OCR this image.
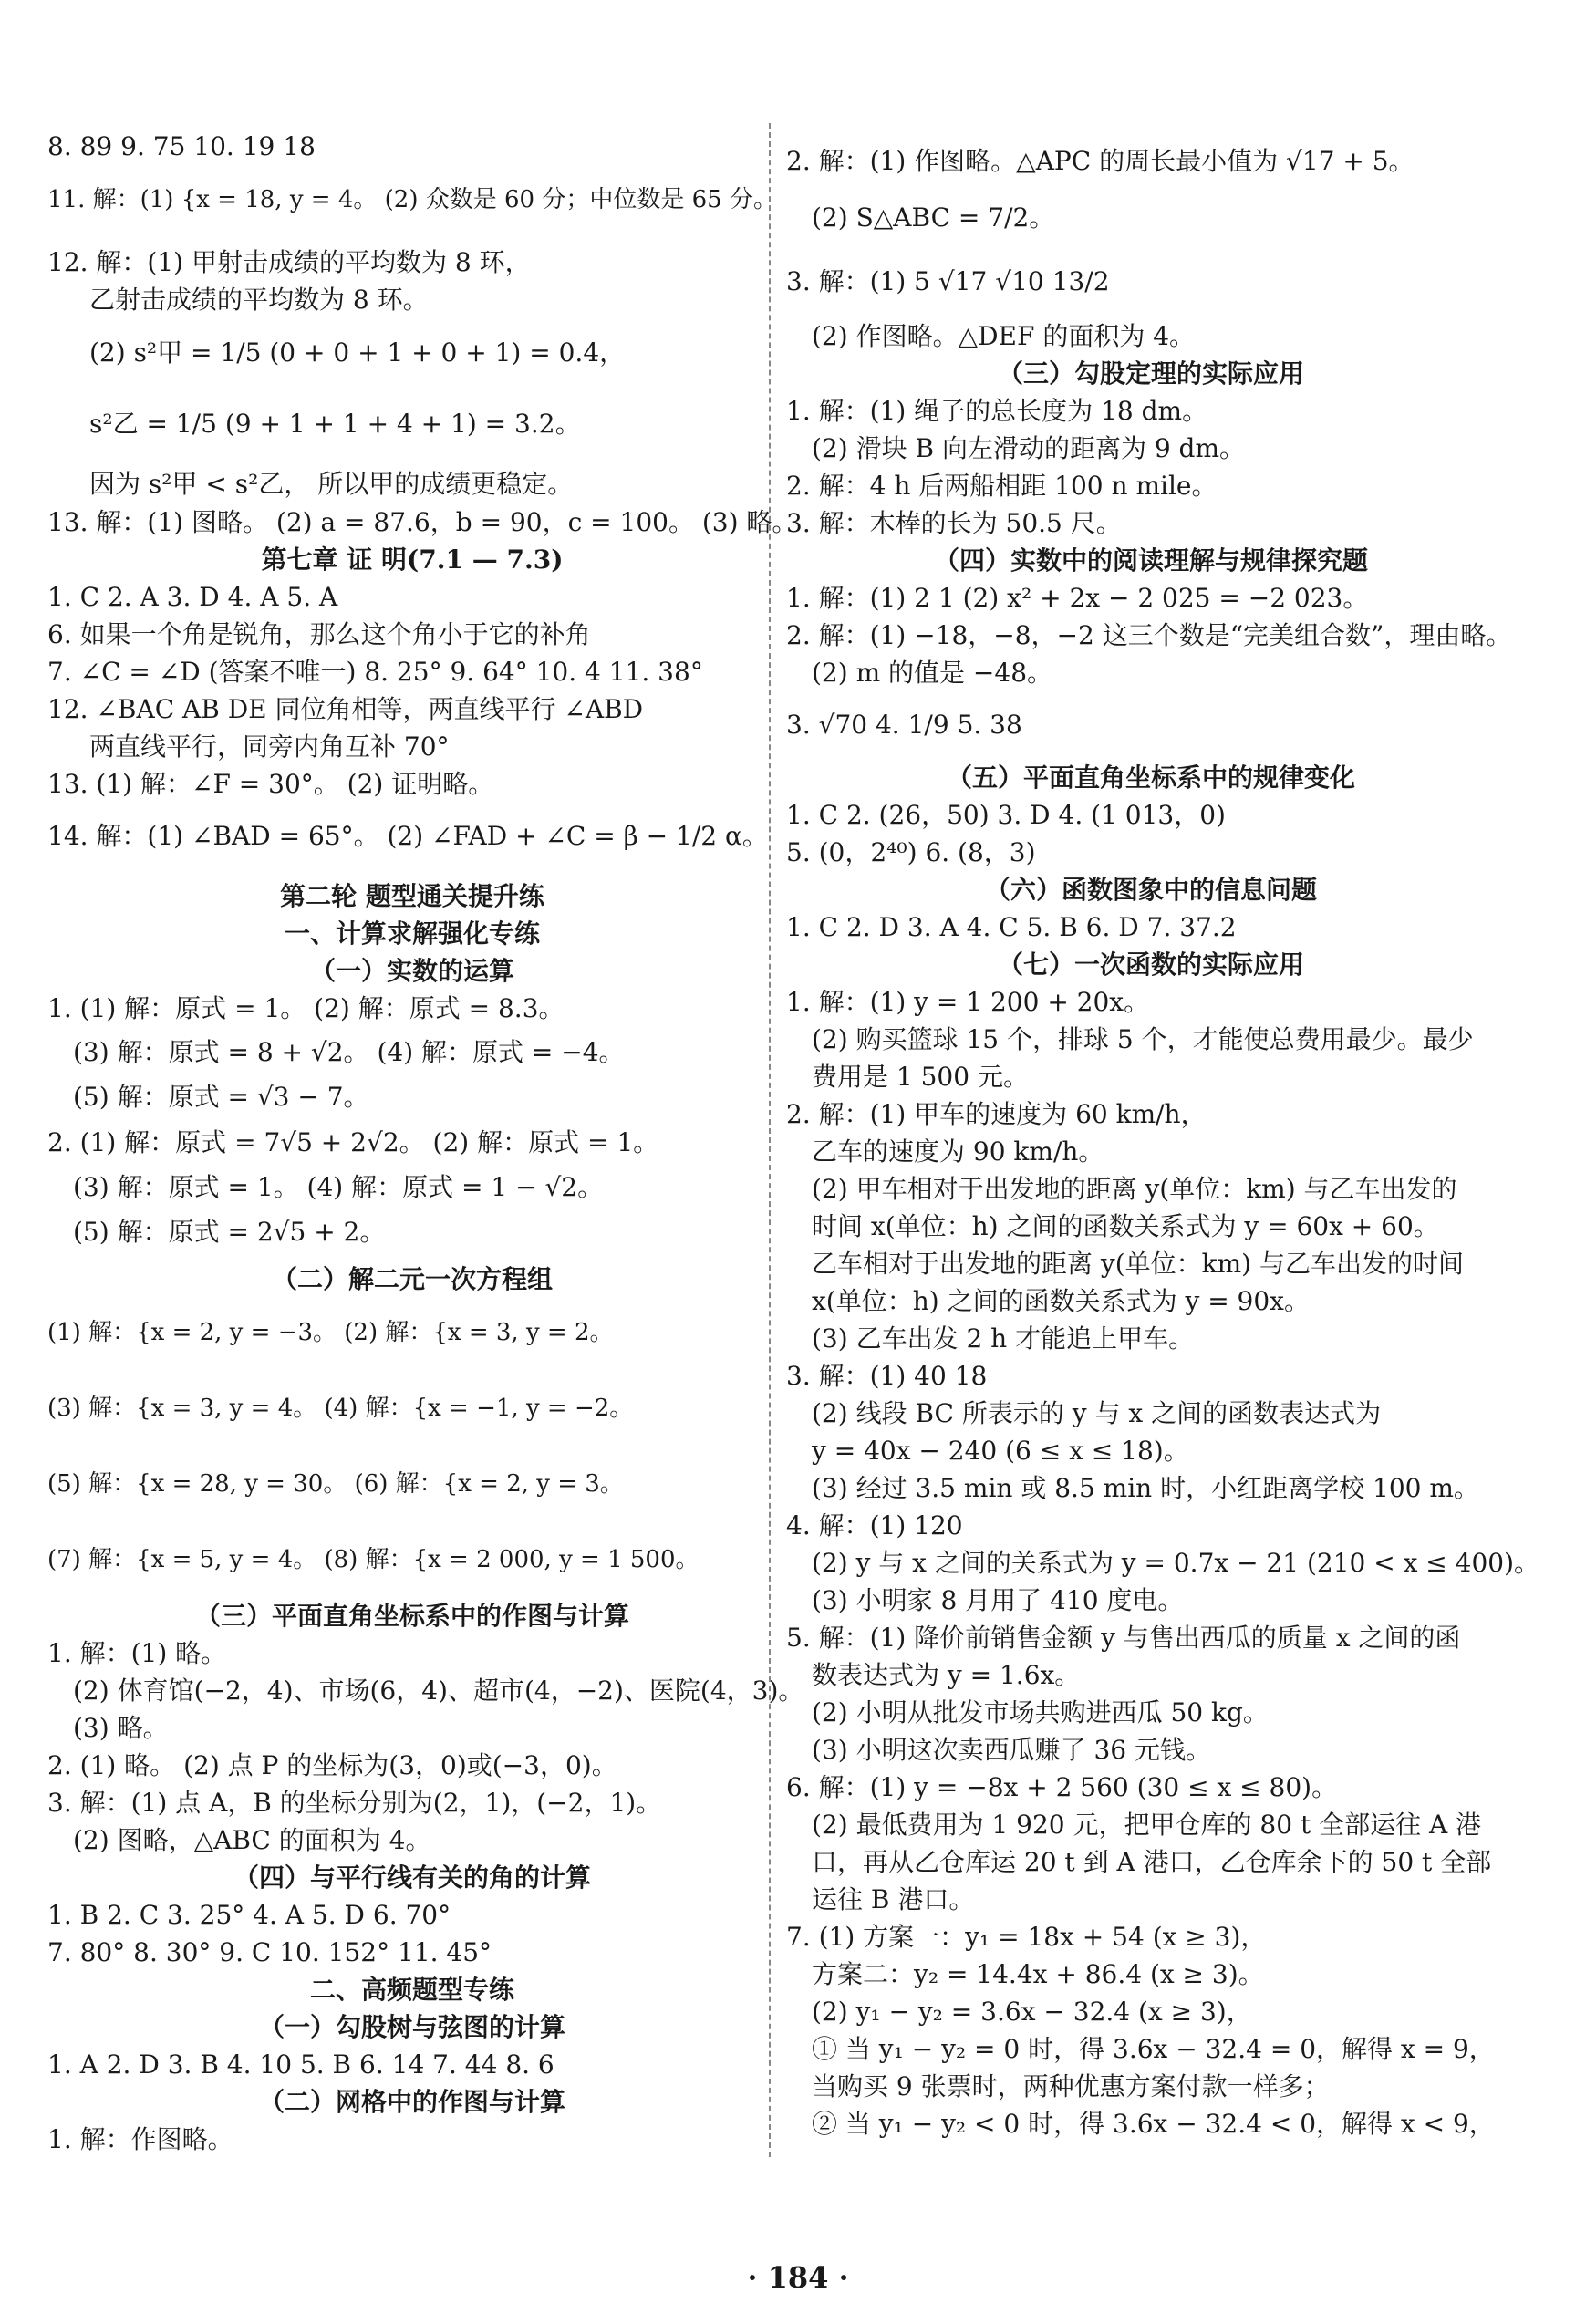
8. 89 9. 75 10. 19 18
11. 解：(1) {x = 18, y = 4。 (2) 众数是 60 分；中位数是 65 分。
12. 解：(1) 甲射击成绩的平均数为 8 环，
乙射击成绩的平均数为 8 环。
(2) s²甲 = 1/5 (0 + 0 + 1 + 0 + 1) = 0.4，
s²乙 = 1/5 (9 + 1 + 1 + 4 + 1) = 3.2。
因为 s²甲 < s²乙， 所以甲的成绩更稳定。
13. 解：(1) 图略。 (2) a = 87.6，b = 90，c = 100。 (3) 略。
第七章 证 明(7.1 — 7.3)
1. C 2. A 3. D 4. A 5. A
6. 如果一个角是锐角，那么这个角小于它的补角
7. ∠C = ∠D (答案不唯一) 8. 25° 9. 64° 10. 4 11. 38°
12. ∠BAC AB DE 同位角相等，两直线平行 ∠ABD
两直线平行，同旁内角互补 70°
13. (1) 解：∠F = 30°。 (2) 证明略。
14. 解：(1) ∠BAD = 65°。 (2) ∠FAD + ∠C = β − 1/2 α。
第二轮 题型通关提升练
一、计算求解强化专练
（一）实数的运算
1. (1) 解：原式 = 1。 (2) 解：原式 = 8.3。
(3) 解：原式 = 8 + √2。 (4) 解：原式 = −4。
(5) 解：原式 = √3 − 7。
2. (1) 解：原式 = 7√5 + 2√2。 (2) 解：原式 = 1。
(3) 解：原式 = 1。 (4) 解：原式 = 1 − √2。
(5) 解：原式 = 2√5 + 2。
（二）解二元一次方程组
(1) 解：{x = 2, y = −3。 (2) 解：{x = 3, y = 2。
(3) 解：{x = 3, y = 4。 (4) 解：{x = −1, y = −2。
(5) 解：{x = 28, y = 30。 (6) 解：{x = 2, y = 3。
(7) 解：{x = 5, y = 4。 (8) 解：{x = 2 000, y = 1 500。
（三）平面直角坐标系中的作图与计算
1. 解：(1) 略。
(2) 体育馆(−2，4)、市场(6，4)、超市(4，−2)、医院(4，3)。
(3) 略。
2. (1) 略。 (2) 点 P 的坐标为(3，0)或(−3，0)。
3. 解：(1) 点 A，B 的坐标分别为(2，1)，(−2，1)。
(2) 图略，△ABC 的面积为 4。
（四）与平行线有关的角的计算
1. B 2. C 3. 25° 4. A 5. D 6. 70°
7. 80° 8. 30° 9. C 10. 152° 11. 45°
二、高频题型专练
（一）勾股树与弦图的计算
1. A 2. D 3. B 4. 10 5. B 6. 14 7. 44 8. 6
（二）网格中的作图与计算
1. 解：作图略。
2. 解：(1) 作图略。△APC 的周长最小值为 √17 + 5。
(2) S△ABC = 7/2。
3. 解：(1) 5 √17 √10 13/2
(2) 作图略。△DEF 的面积为 4。
（三）勾股定理的实际应用
1. 解：(1) 绳子的总长度为 18 dm。
(2) 滑块 B 向左滑动的距离为 9 dm。
2. 解：4 h 后两船相距 100 n mile。
3. 解：木棒的长为 50.5 尺。
（四）实数中的阅读理解与规律探究题
1. 解：(1) 2 1 (2) x² + 2x − 2 025 = −2 023。
2. 解：(1) −18，−8，−2 这三个数是“完美组合数”，理由略。
(2) m 的值是 −48。
3. √70 4. 1/9 5. 38
（五）平面直角坐标系中的规律变化
1. C 2. (26，50) 3. D 4. (1 013，0)
5. (0，2⁴⁰) 6. (8，3)
（六）函数图象中的信息问题
1. C 2. D 3. A 4. C 5. B 6. D 7. 37.2
（七）一次函数的实际应用
1. 解：(1) y = 1 200 + 20x。
(2) 购买篮球 15 个，排球 5 个，才能使总费用最少。最少
费用是 1 500 元。
2. 解：(1) 甲车的速度为 60 km/h，
乙车的速度为 90 km/h。
(2) 甲车相对于出发地的距离 y(单位：km) 与乙车出发的
时间 x(单位：h) 之间的函数关系式为 y = 60x + 60。
乙车相对于出发地的距离 y(单位：km) 与乙车出发的时间
x(单位：h) 之间的函数关系式为 y = 90x。
(3) 乙车出发 2 h 才能追上甲车。
3. 解：(1) 40 18
(2) 线段 BC 所表示的 y 与 x 之间的函数表达式为
y = 40x − 240 (6 ≤ x ≤ 18)。
(3) 经过 3.5 min 或 8.5 min 时，小红距离学校 100 m。
4. 解：(1) 120
(2) y 与 x 之间的关系式为 y = 0.7x − 21 (210 < x ≤ 400)。
(3) 小明家 8 月用了 410 度电。
5. 解：(1) 降价前销售金额 y 与售出西瓜的质量 x 之间的函
数表达式为 y = 1.6x。
(2) 小明从批发市场共购进西瓜 50 kg。
(3) 小明这次卖西瓜赚了 36 元钱。
6. 解：(1) y = −8x + 2 560 (30 ≤ x ≤ 80)。
(2) 最低费用为 1 920 元，把甲仓库的 80 t 全部运往 A 港
口，再从乙仓库运 20 t 到 A 港口，乙仓库余下的 50 t 全部
运往 B 港口。
7. (1) 方案一：y₁ = 18x + 54 (x ≥ 3)，
方案二：y₂ = 14.4x + 86.4 (x ≥ 3)。
(2) y₁ − y₂ = 3.6x − 32.4 (x ≥ 3)，
① 当 y₁ − y₂ = 0 时，得 3.6x − 32.4 = 0，解得 x = 9，
当购买 9 张票时，两种优惠方案付款一样多；
② 当 y₁ − y₂ < 0 时，得 3.6x − 32.4 < 0，解得 x < 9，
· 184 ·
